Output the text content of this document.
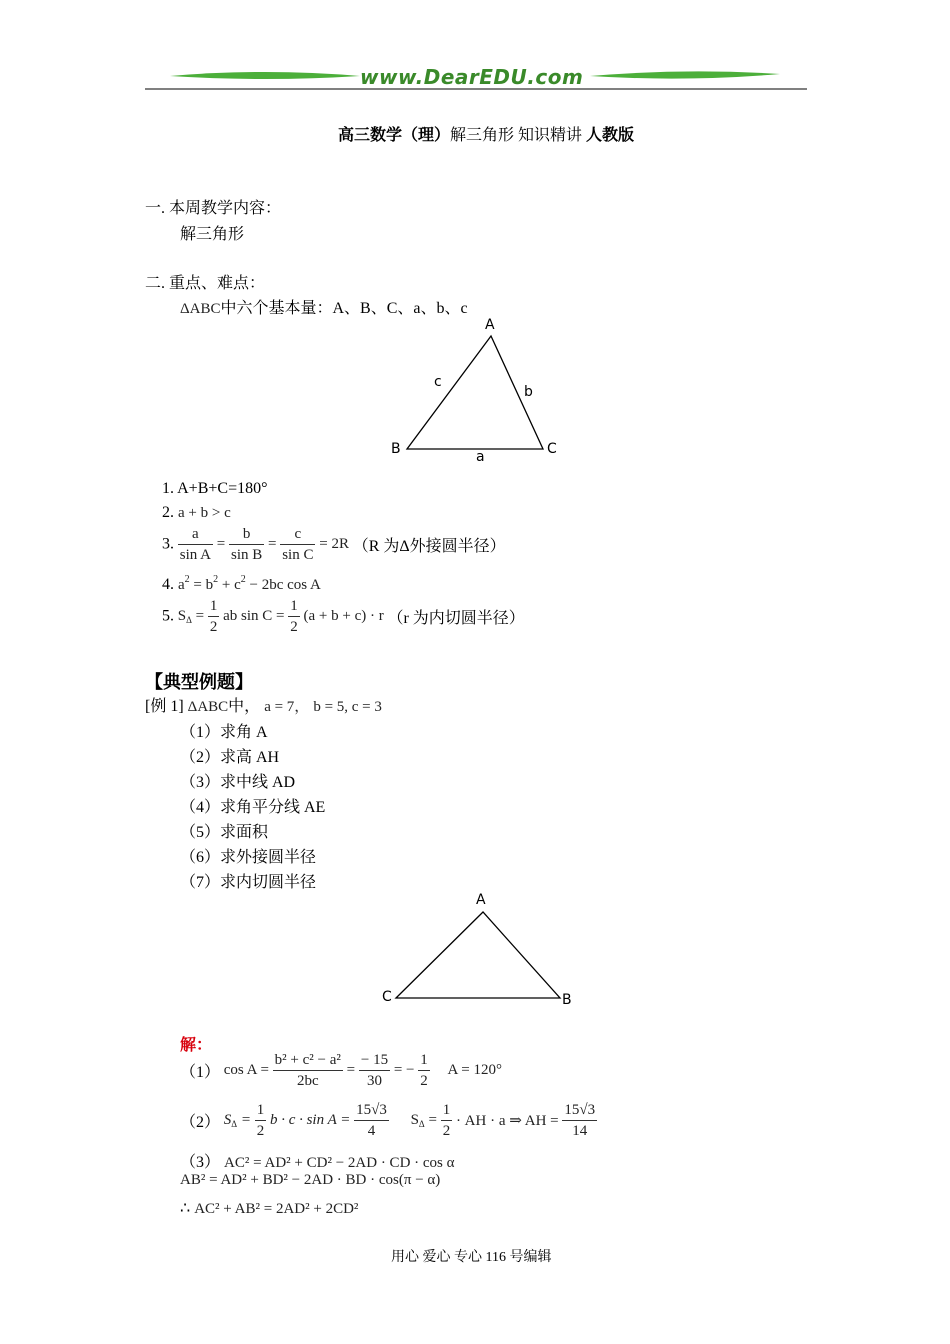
www.DearEDU.com
高三数学（理）解三角形 知识精讲 人教版
一. 本周教学内容：
解三角形
二. 重点、难点：
ΔABC中六个基本量：A、B、C、a、b、c
A
B	C
a
b
c
1. A+B+C=180°
2. a + b > c
3. $\frac{a}{\text{sin A}} = \frac{b}{\text{sin B}} = \frac{c}{\text{sin C}} = 2R$ （R 为Δ外接圆半径）
4. $a^2 = b^2 + c^2 - 2bc$ cos A
5. $S_\Delta = \frac{1}{2}$ ab $\sin C = \frac{1}{2} (a + b + c) \cdot r$ （r 为内切圆半径）
【典型例题】
[例 1] ΔABC中， a = 7， b = 5, c = 3
（1）求角 A
（2）求高 AH
（3）求中线 AD
（4）求角平分线 AE
（5）求面积
（6）求外接圆半径
（7）求内切圆半径
A
C	B
解：
（1） $\cos A = \frac{\text{b² + c² − a²}}{2bc} = \frac{- 15}{30}$ = − $\frac{1}{2}$ A = 120°
（2） $S_\Delta = \frac{1}{2}$ $b \cdot c \cdot \sin A = \frac{15√3}{4} S_\Delta = \frac{1}{2}$ · AH · a ⇒ AH = $\frac{15√3}{14}$
（3） AC² = AD² + CD² − 2AD · CD · cos α
AB² = AD² + BD² − 2AD · BD · cos(π − α)
∴ AC² + AB² = 2AD² + 2CD²
用心 爱心 专心 116 号编辑
